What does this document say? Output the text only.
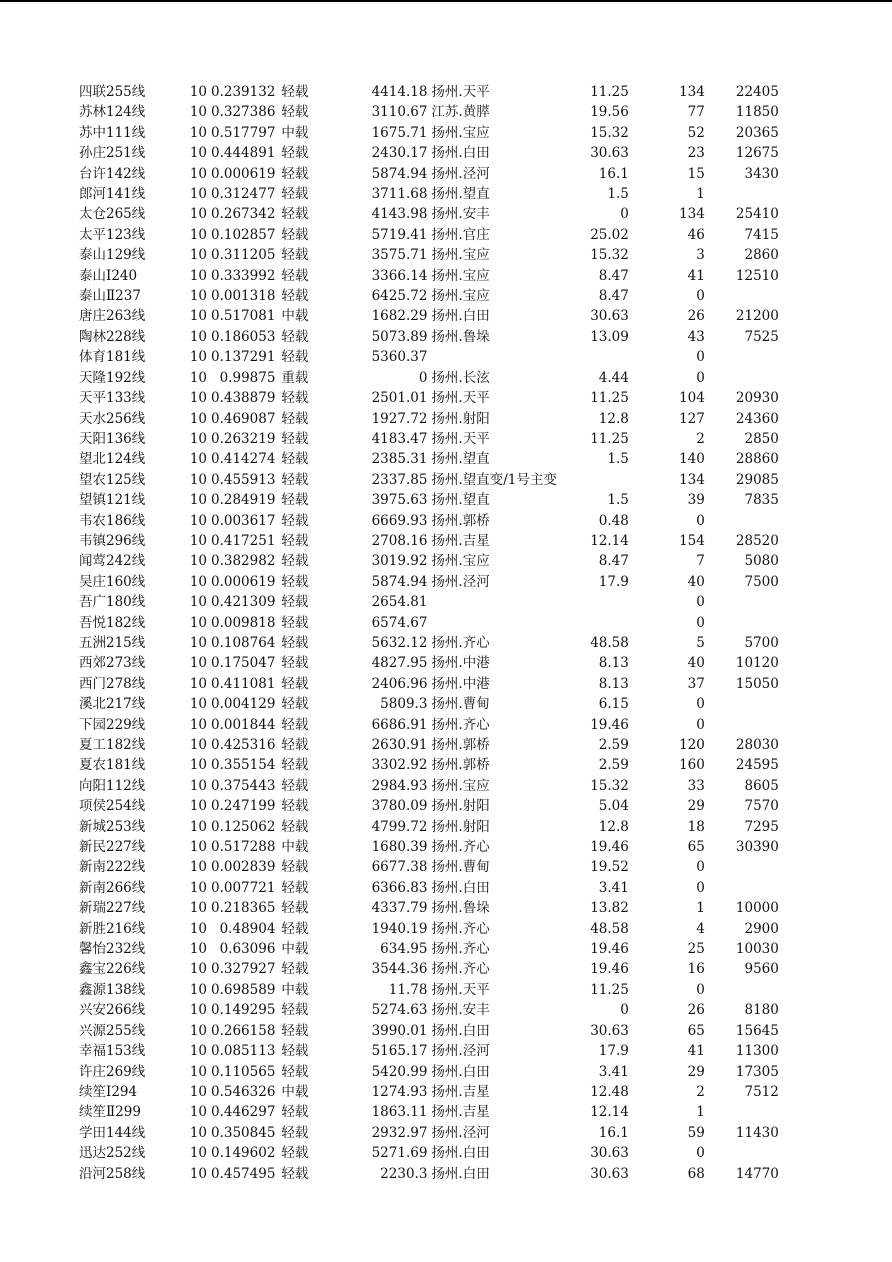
四联255线	10	0.239132	轻载	4414.18	扬州.天平	11.25	134	22405
苏林124线	10	0.327386	轻载	3110.67	江苏.黄膵	19.56	77	11850
苏中111线	10	0.517797	中载	1675.71	扬州.宝应	15.32	52	20365
孙庄251线	10	0.444891	轻载	2430.17	扬州.白田	30.63	23	12675
台许142线	10	0.000619	轻载	5874.94	扬州.泾河	16.1	15	3430
郎河141线	10	0.312477	轻载	3711.68	扬州.望直	1.5	1	
太仓265线	10	0.267342	轻载	4143.98	扬州.安丰	0	134	25410
太平123线	10	0.102857	轻载	5719.41	扬州.官庄	25.02	46	7415
泰山129线	10	0.311205	轻载	3575.71	扬州.宝应	15.32	3	2860
泰山Ⅰ240	10	0.333992	轻载	3366.14	扬州.宝应	8.47	41	12510
泰山Ⅱ237	10	0.001318	轻载	6425.72	扬州.宝应	8.47	0	
唐庄263线	10	0.517081	中载	1682.29	扬州.白田	30.63	26	21200
陶林228线	10	0.186053	轻载	5073.89	扬州.鲁垛	13.09	43	7525
体育181线	10	0.137291	轻载	5360.37			0	
天隆192线	10	0.99875	重载	0	扬州.长泫	4.44	0	
天平133线	10	0.438879	轻载	2501.01	扬州.天平	11.25	104	20930
天水256线	10	0.469087	轻载	1927.72	扬州.射阳	12.8	127	24360
天阳136线	10	0.263219	轻载	4183.47	扬州.天平	11.25	2	2850
望北124线	10	0.414274	轻载	2385.31	扬州.望直	1.5	140	28860
望农125线	10	0.455913	轻载	2337.85	扬州.望直变/1号主变		134	29085
望镇121线	10	0.284919	轻载	3975.63	扬州.望直	1.5	39	7835
韦农186线	10	0.003617	轻载	6669.93	扬州.郭桥	0.48	0	
韦镇296线	10	0.417251	轻载	2708.16	扬州.吉星	12.14	154	28520
闻莺242线	10	0.382982	轻载	3019.92	扬州.宝应	8.47	7	5080
吴庄160线	10	0.000619	轻载	5874.94	扬州.泾河	17.9	40	7500
吾广180线	10	0.421309	轻载	2654.81			0	
吾悦182线	10	0.009818	轻载	6574.67			0	
五洲215线	10	0.108764	轻载	5632.12	扬州.齐心	48.58	5	5700
西郊273线	10	0.175047	轻载	4827.95	扬州.中港	8.13	40	10120
西门278线	10	0.411081	轻载	2406.96	扬州.中港	8.13	37	15050
溪北217线	10	0.004129	轻载	5809.3	扬州.曹甸	6.15	0	
下园229线	10	0.001844	轻载	6686.91	扬州.齐心	19.46	0	
夏工182线	10	0.425316	轻载	2630.91	扬州.郭桥	2.59	120	28030
夏农181线	10	0.355154	轻载	3302.92	扬州.郭桥	2.59	160	24595
向阳112线	10	0.375443	轻载	2984.93	扬州.宝应	15.32	33	8605
项侯254线	10	0.247199	轻载	3780.09	扬州.射阳	5.04	29	7570
新城253线	10	0.125062	轻载	4799.72	扬州.射阳	12.8	18	7295
新民227线	10	0.517288	中载	1680.39	扬州.齐心	19.46	65	30390
新南222线	10	0.002839	轻载	6677.38	扬州.曹甸	19.52	0	
新南266线	10	0.007721	轻载	6366.83	扬州.白田	3.41	0	
新瑞227线	10	0.218365	轻载	4337.79	扬州.鲁垛	13.82	1	10000
新胜216线	10	0.48904	轻载	1940.19	扬州.齐心	48.58	4	2900
馨怡232线	10	0.63096	中载	634.95	扬州.齐心	19.46	25	10030
鑫宝226线	10	0.327927	轻载	3544.36	扬州.齐心	19.46	16	9560
鑫源138线	10	0.698589	中载	11.78	扬州.天平	11.25	0	
兴安266线	10	0.149295	轻载	5274.63	扬州.安丰	0	26	8180
兴源255线	10	0.266158	轻载	3990.01	扬州.白田	30.63	65	15645
幸福153线	10	0.085113	轻载	5165.17	扬州.泾河	17.9	41	11300
许庄269线	10	0.110565	轻载	5420.99	扬州.白田	3.41	29	17305
续笙Ⅰ294	10	0.546326	中载	1274.93	扬州.吉星	12.48	2	7512
续笙Ⅱ299	10	0.446297	轻载	1863.11	扬州.吉星	12.14	1	
学田144线	10	0.350845	轻载	2932.97	扬州.泾河	16.1	59	11430
迅达252线	10	0.149602	轻载	5271.69	扬州.白田	30.63	0	
沿河258线	10	0.457495	轻载	2230.3	扬州.白田	30.63	68	14770
